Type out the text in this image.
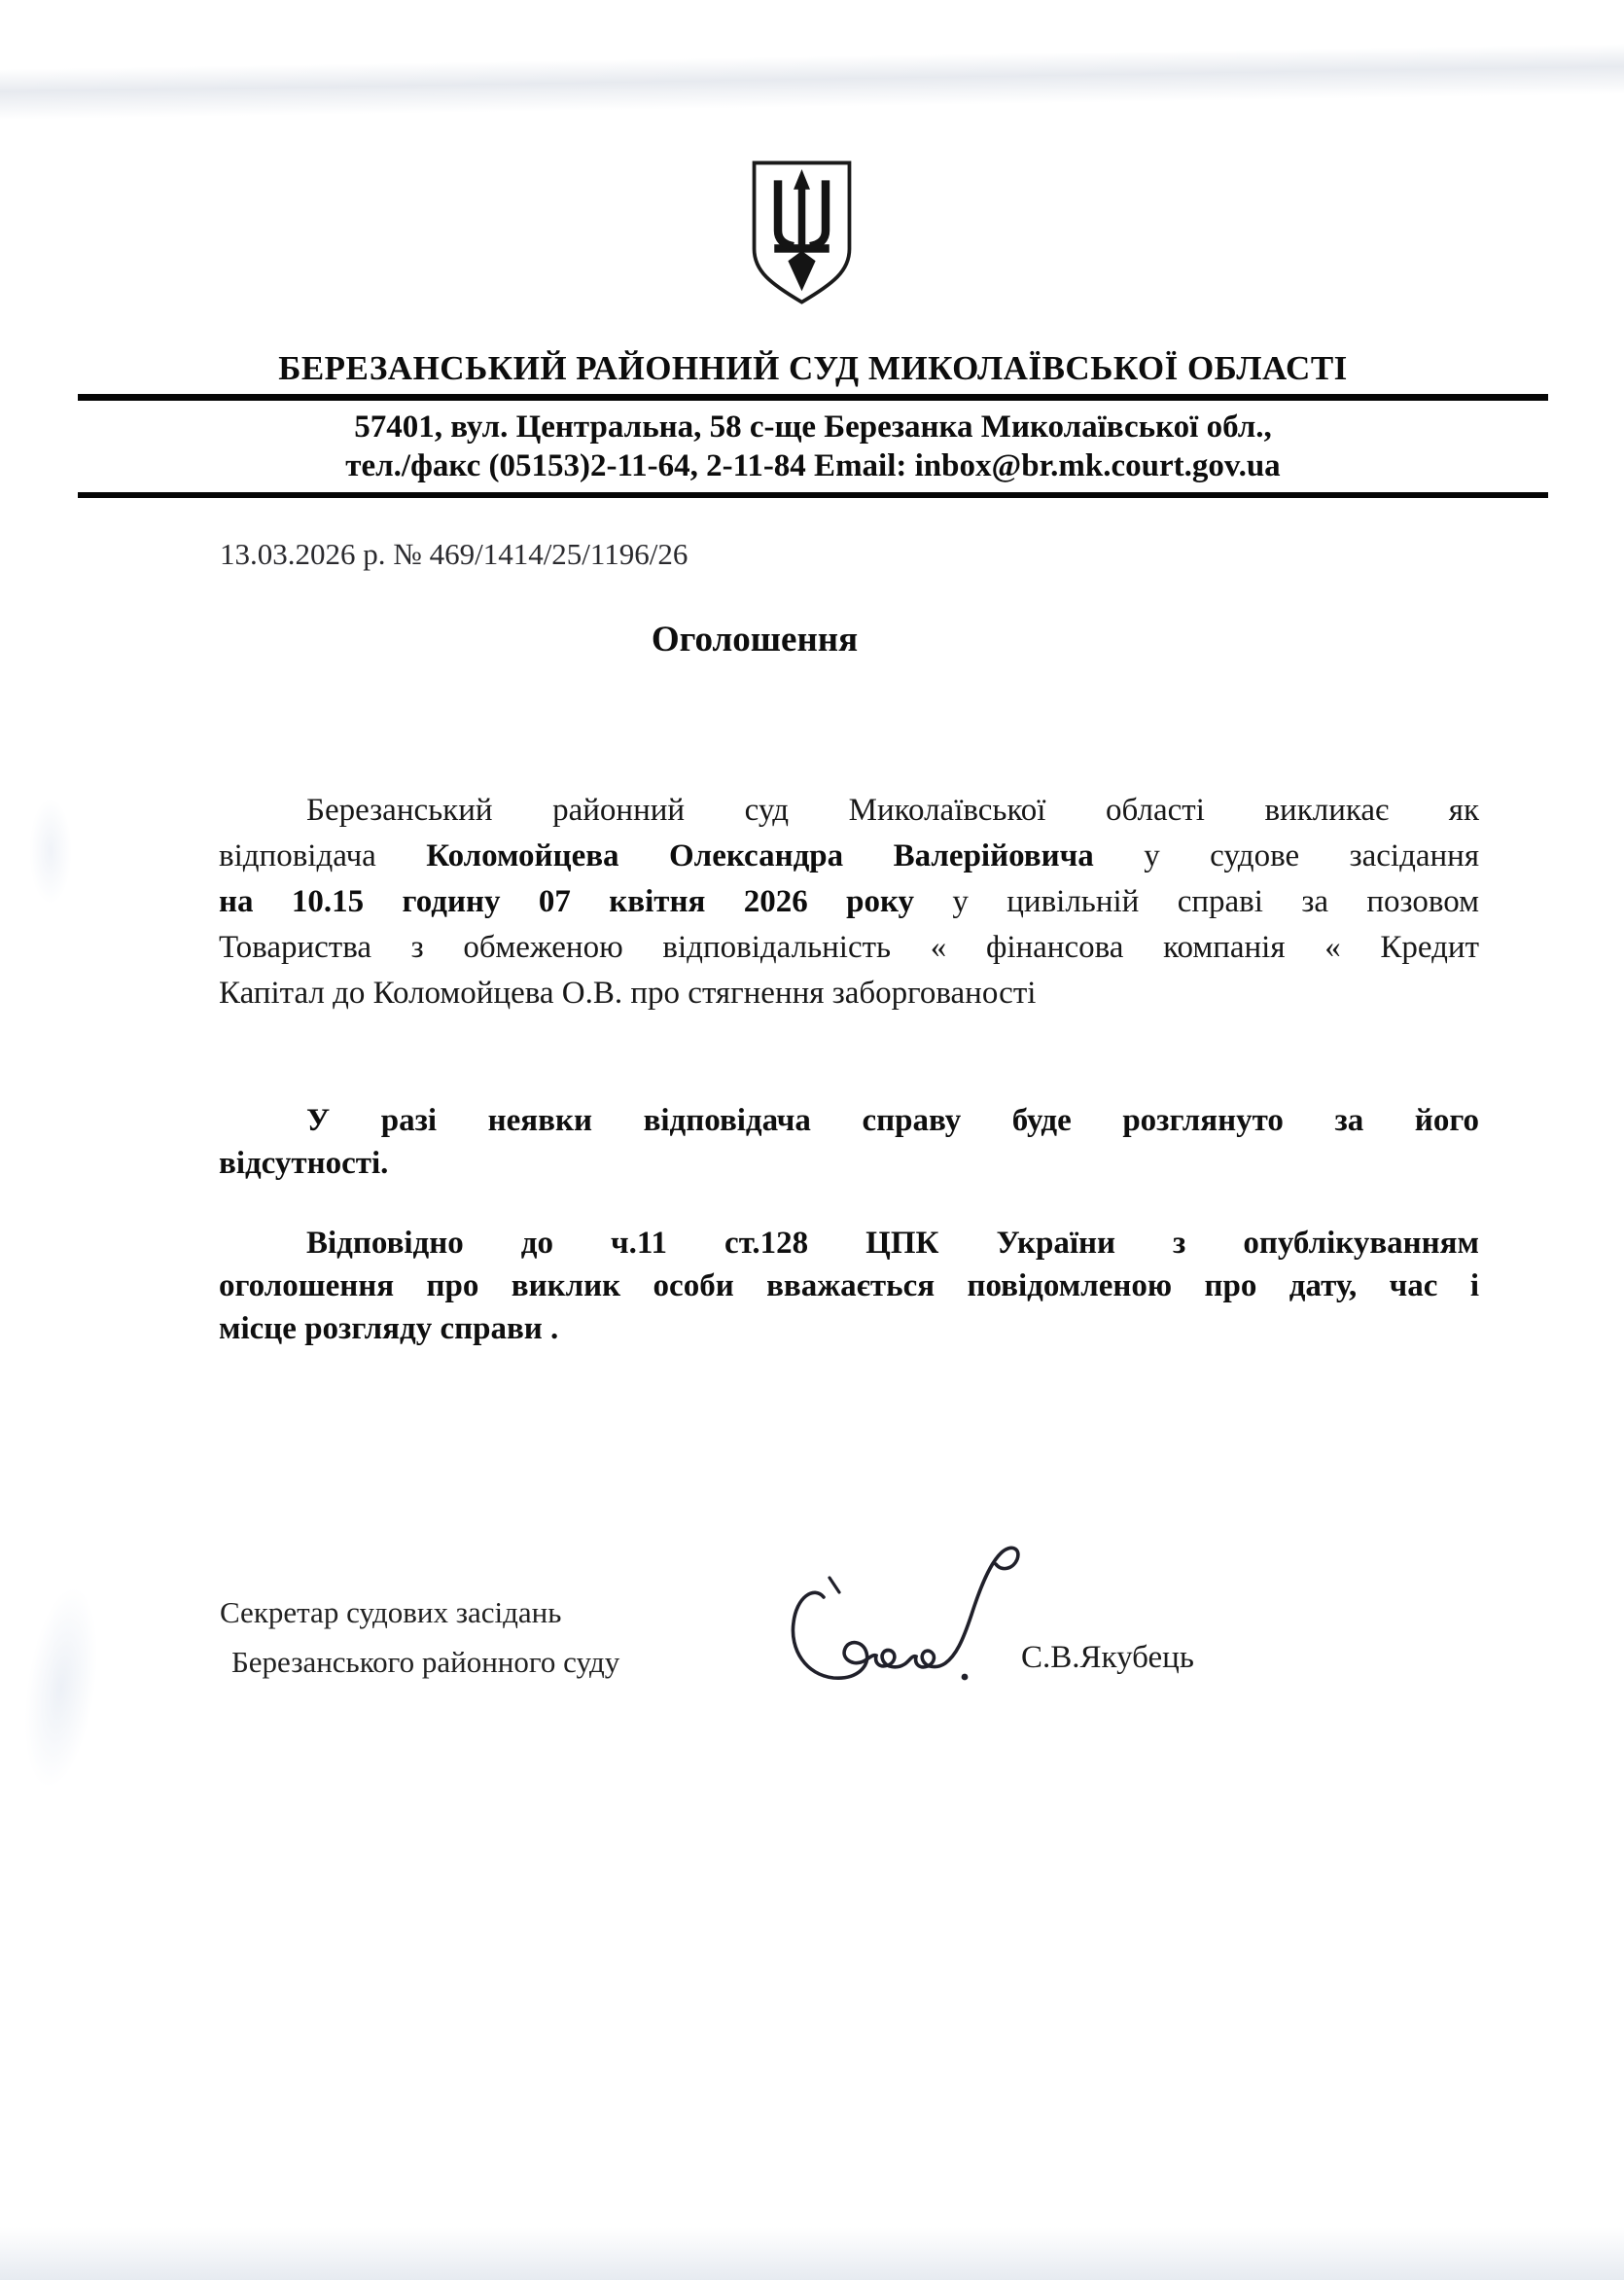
БЕРЕЗАНСЬКИЙ РАЙОННИЙ СУД МИКОЛАЇВСЬКОЇ ОБЛАСТІ
57401, вул. Центральна, 58 с-ще Березанка Миколаївської обл.,
тел./факс (05153)2-11-64, 2-11-84 Email: inbox@br.mk.court.gov.ua
13.03.2026 р. № 469/1414/25/1196/26
Оголошення
Березанський районний суд Миколаївської області викликає як
відповідача Коломойцева Олександра Валерійовича у судове засідання
на 10.15 годину 07 квітня 2026 року у цивільній справі за позовом
Товариства з обмеженою відповідальність « фінансова компанія « Кредит
Капітал до Коломойцева О.В. про стягнення заборгованості
У разі неявки відповідача справу буде розглянуто за його
відсутності.
Відповідно до ч.11 ст.128 ЦПК України з опублікуванням
оголошення про виклик особи вважається повідомленою про дату, час і
місце розгляду справи .
Секретар судових засідань
Березанського районного суду	С.В.Якубець
